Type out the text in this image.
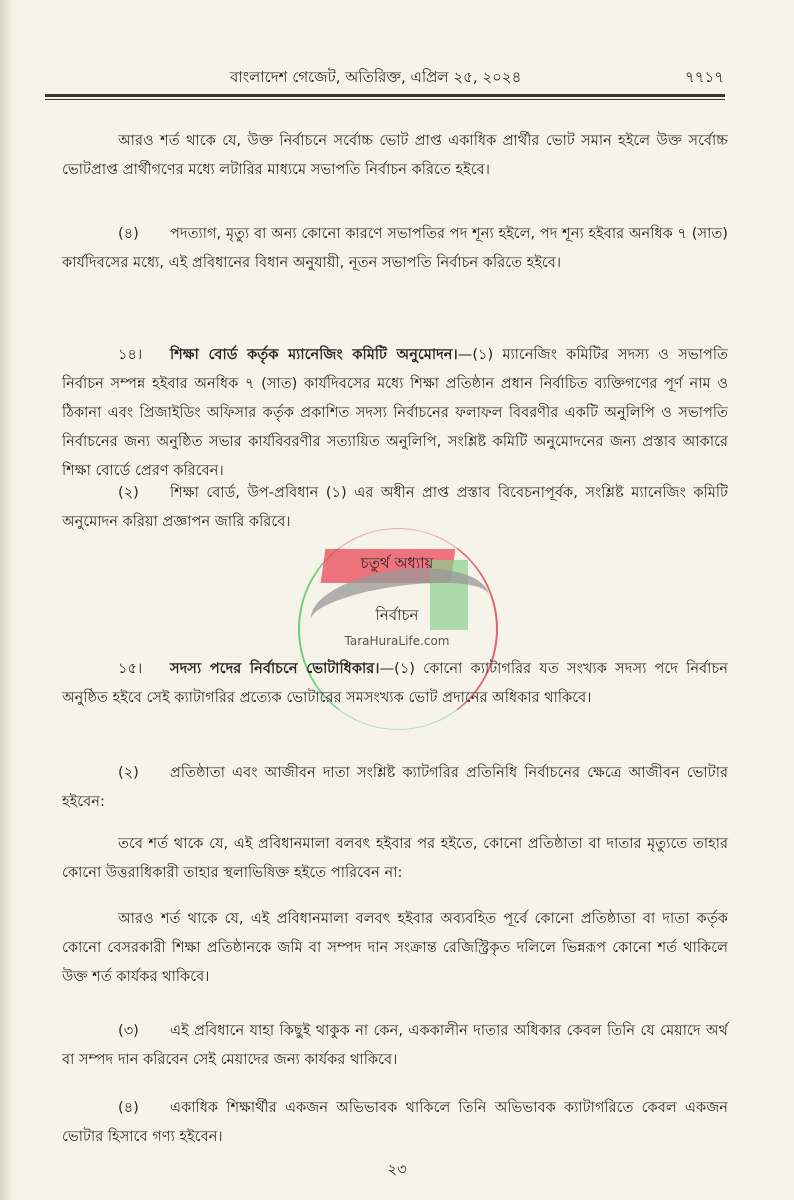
বাংলাদেশ গেজেট, অতিরিক্ত, এপ্রিল ২৫, ২০২৪	৭৭১৭
TaraHuraLife.com
আরও শর্ত থাকে যে, উক্ত নির্বাচনে সর্বোচ্চ ভোট প্রাপ্ত একাধিক প্রার্থীর ভোট সমান হইলে উক্ত সর্বোচ্চ ভোটপ্রাপ্ত প্রার্থীগণের মধ্যে লটারির মাধ্যমে সভাপতি নির্বাচন করিতে হইবে।
(৪) পদত্যাগ, মৃত্যু বা অন্য কোনো কারণে সভাপতির পদ শূন্য হইলে, পদ শূন্য হইবার অনধিক ৭ (সাত) কার্যদিবসের মধ্যে, এই প্রবিধানের বিধান অনুযায়ী, নূতন সভাপতি নির্বাচন করিতে হইবে।
১৪। শিক্ষা বোর্ড কর্তৃক ম্যানেজিং কমিটি অনুমোদন।—(১) ম্যানেজিং কমিটির সদস্য ও সভাপতি নির্বাচন সম্পন্ন হইবার অনধিক ৭ (সাত) কার্যদিবসের মধ্যে শিক্ষা প্রতিষ্ঠান প্রধান নির্বাচিত ব্যক্তিগণের পূর্ণ নাম ও ঠিকানা এবং প্রিজাইডিং অফিসার কর্তৃক প্রকাশিত সদস্য নির্বাচনের ফলাফল বিবরণীর একটি অনুলিপি ও সভাপতি নির্বাচনের জন্য অনুষ্ঠিত সভার কার্যবিবরণীর সত্যায়িত অনুলিপি, সংশ্লিষ্ট কমিটি অনুমোদনের জন্য প্রস্তাব আকারে শিক্ষা বোর্ডে প্রেরণ করিবেন।
(২) শিক্ষা বোর্ড, উপ-প্রবিধান (১) এর অধীন প্রাপ্ত প্রস্তাব বিবেচনাপূর্বক, সংশ্লিষ্ট ম্যানেজিং কমিটি অনুমোদন করিয়া প্রজ্ঞাপন জারি করিবে।
চতুর্থ অধ্যায়
নির্বাচন
১৫। সদস্য পদের নির্বাচনে ভোটাধিকার।—(১) কোনো ক্যাটাগরির যত সংখ্যক সদস্য পদে নির্বাচন অনুষ্ঠিত হইবে সেই ক্যাটাগরির প্রত্যেক ভোটারের সমসংখ্যক ভোট প্রদানের অধিকার থাকিবে।
(২) প্রতিষ্ঠাতা এবং আজীবন দাতা সংশ্লিষ্ট ক্যাটগরির প্রতিনিধি নির্বাচনের ক্ষেত্রে আজীবন ভোটার হইবেন:
তবে শর্ত থাকে যে, এই প্রবিধানমালা বলবৎ হইবার পর হইতে, কোনো প্রতিষ্ঠাতা বা দাতার মৃত্যুতে তাহার কোনো উত্তরাধিকারী তাহার স্থলাভিষিক্ত হইতে পারিবেন না:
আরও শর্ত থাকে যে, এই প্রবিধানমালা বলবৎ হইবার অব্যবহিত পূর্বে কোনো প্রতিষ্ঠাতা বা দাতা কর্তৃক কোনো বেসরকারী শিক্ষা প্রতিষ্ঠানকে জমি বা সম্পদ দান সংক্রান্ত রেজিস্ট্রিকৃত দলিলে ভিন্নরূপ কোনো শর্ত থাকিলে উক্ত শর্ত কার্যকর থাকিবে।
(৩) এই প্রবিধানে যাহা কিছুই থাকুক না কেন, এককালীন দাতার অধিকার কেবল তিনি যে মেয়াদে অর্থ বা সম্পদ দান করিবেন সেই মেয়াদের জন্য কার্যকর থাকিবে।
(৪) একাধিক শিক্ষার্থীর একজন অভিভাবক থাকিলে তিনি অভিভাবক ক্যাটাগরিতে কেবল একজন ভোটার হিসাবে গণ্য হইবেন।
২৩
